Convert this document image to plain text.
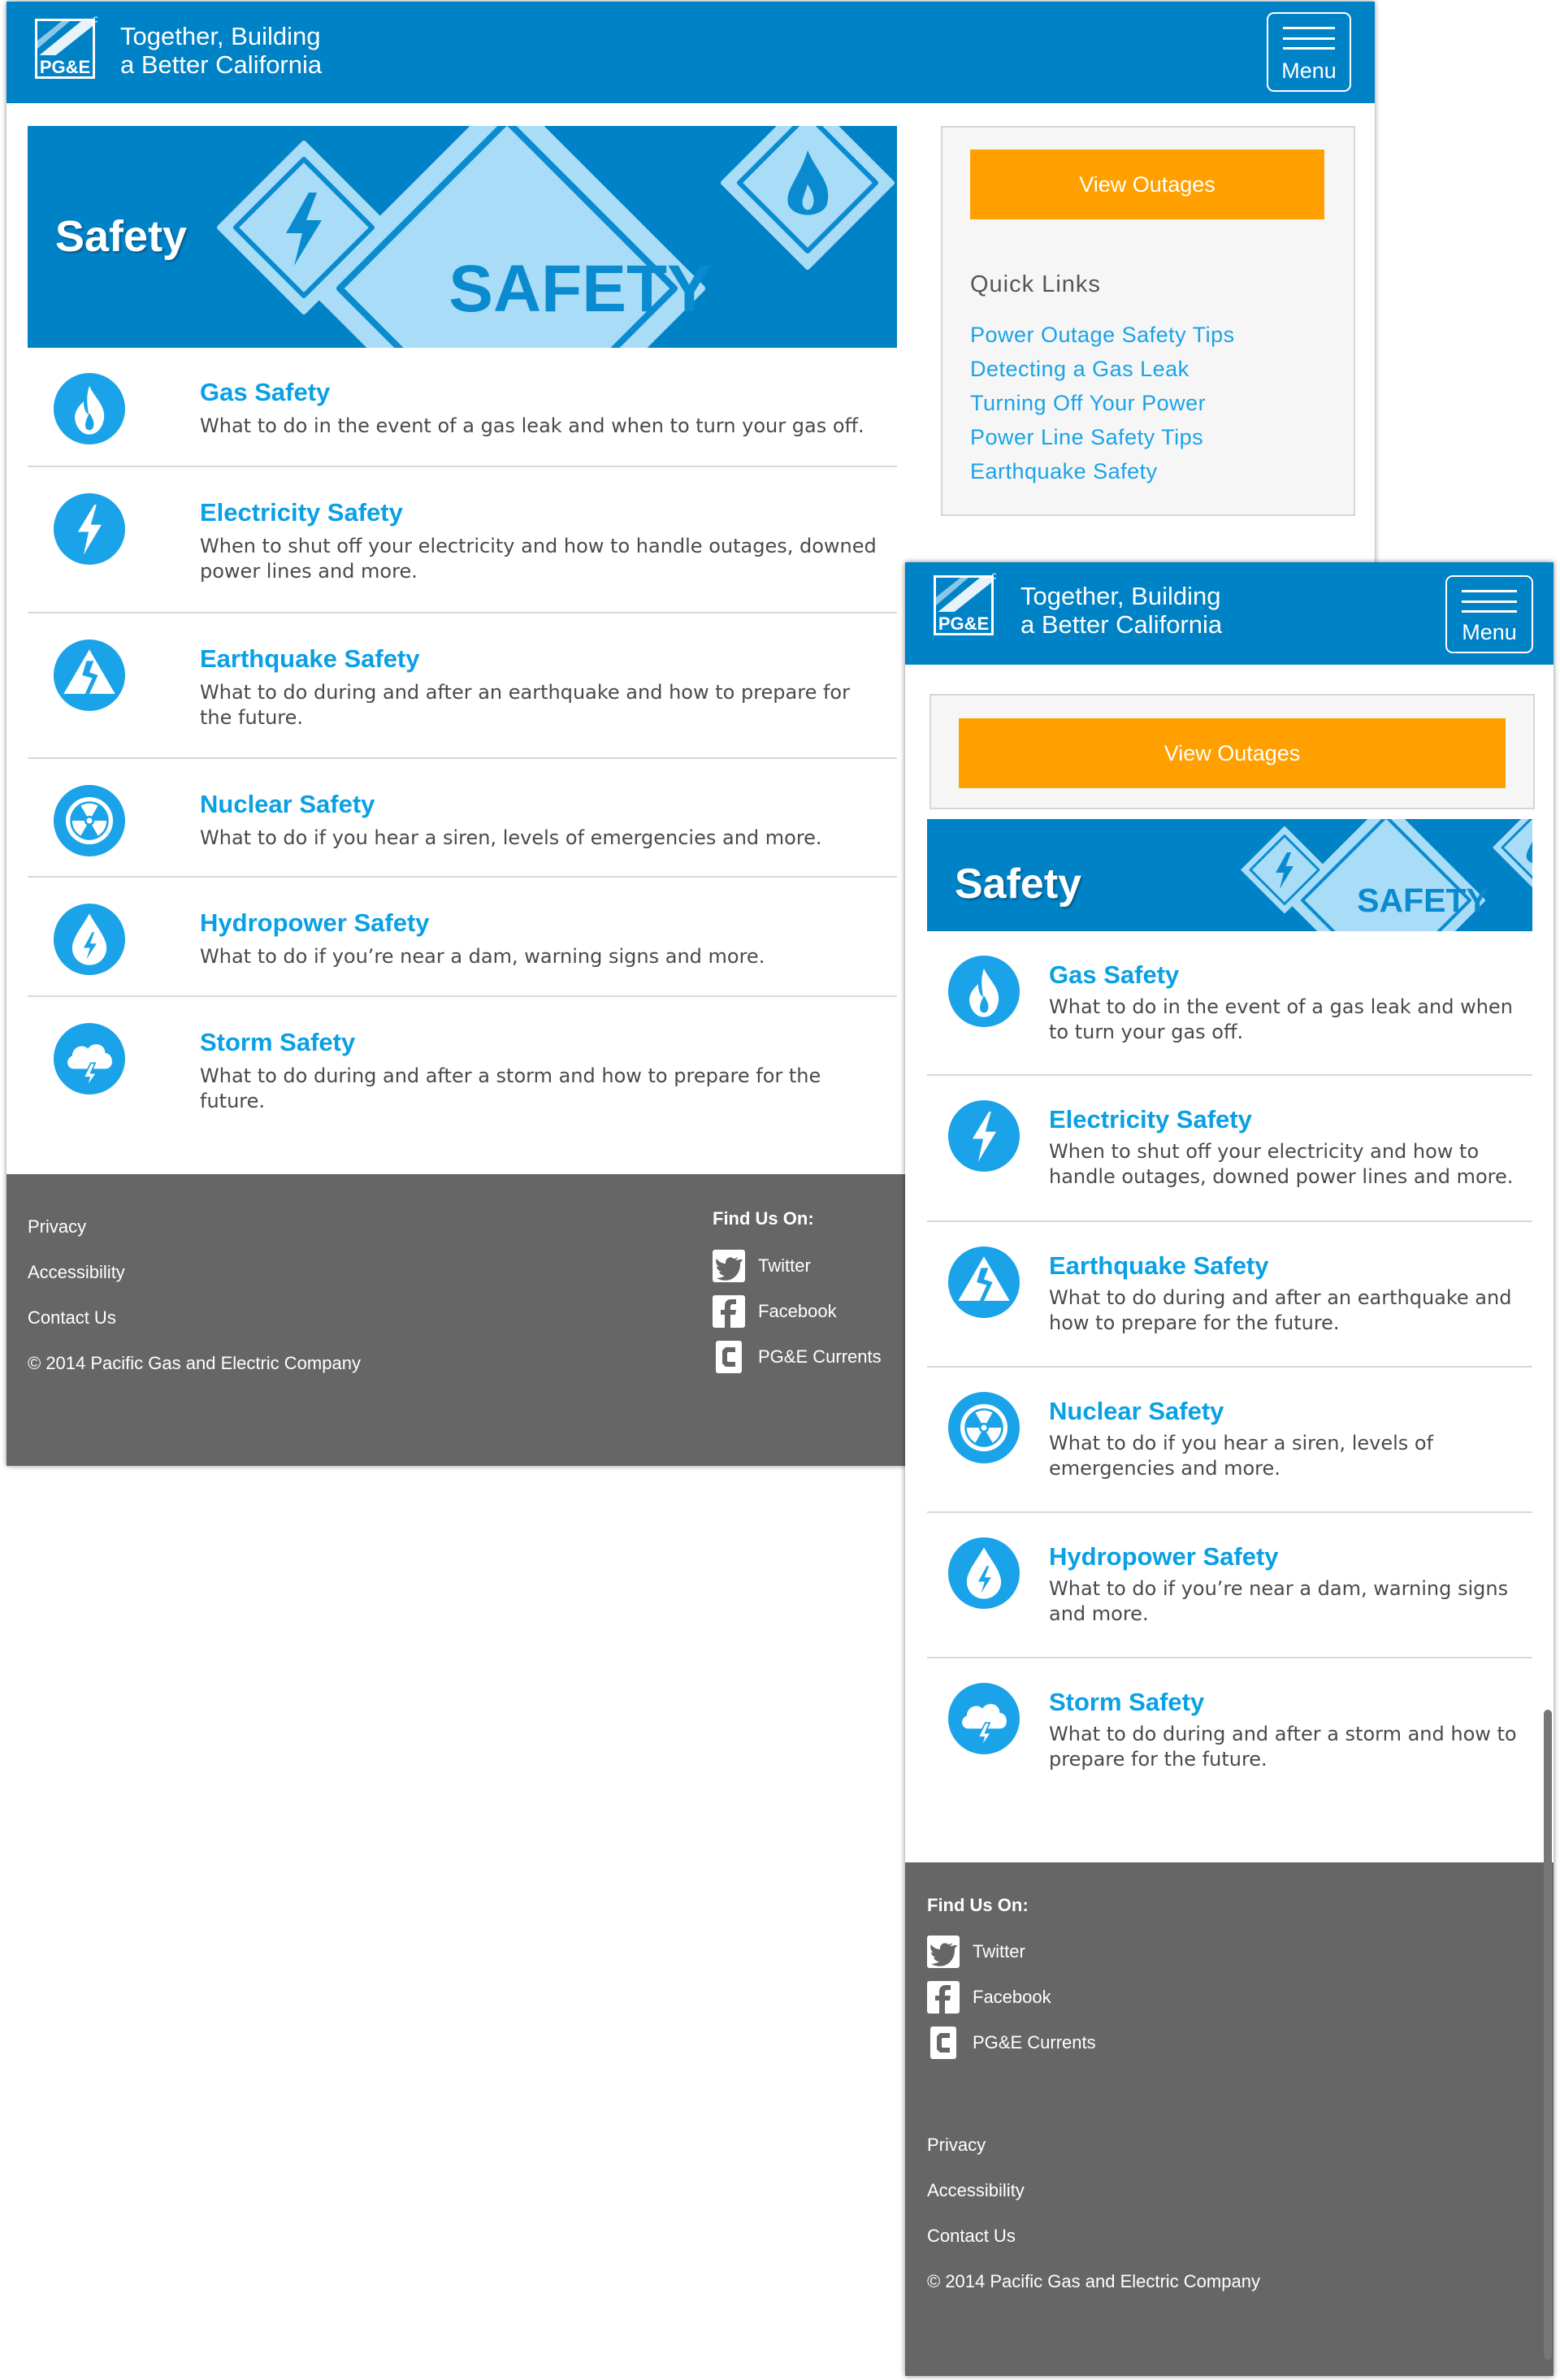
PG&E
Together, Building
a Better California	Menu
SAFETY
Safety
Gas Safety
What to do in the event of a gas leak and when to turn your gas off.
Electricity Safety
When to shut off your electricity and how to handle outages, downed power lines and more.
Earthquake Safety
What to do during and after an earthquake and how to prepare for the future.
Nuclear Safety
What to do if you hear a siren, levels of emergencies and more.
Hydropower Safety
What to do if you’re near a dam, warning signs and more.
Storm Safety
What to do during and after a storm and how to prepare for the future.
View Outages
Quick Links
Power Outage Safety Tips
Detecting a Gas Leak
Turning Off Your Power
Power Line Safety Tips
Earthquake Safety
Privacy
Accessibility
Contact Us
© 2014 Pacific Gas and Electric Company
Find Us On:
Twitter
Facebook
PG&E Currents
PG&E
Together, Building
a Better California	Menu
View Outages
SAFETY
Safety
Gas Safety
What to do in the event of a gas leak and when to turn your gas off.
Electricity Safety
When to shut off your electricity and how to handle outages, downed power lines and more.
Earthquake Safety
What to do during and after an earthquake and how to prepare for the future.
Nuclear Safety
What to do if you hear a siren, levels of emergencies and more.
Hydropower Safety
What to do if you’re near a dam, warning signs and more.
Storm Safety
What to do during and after a storm and how to prepare for the future.
Find Us On:
Privacy
Accessibility
Contact Us
© 2014 Pacific Gas and Electric Company
Twitter
Facebook
PG&E Currents
